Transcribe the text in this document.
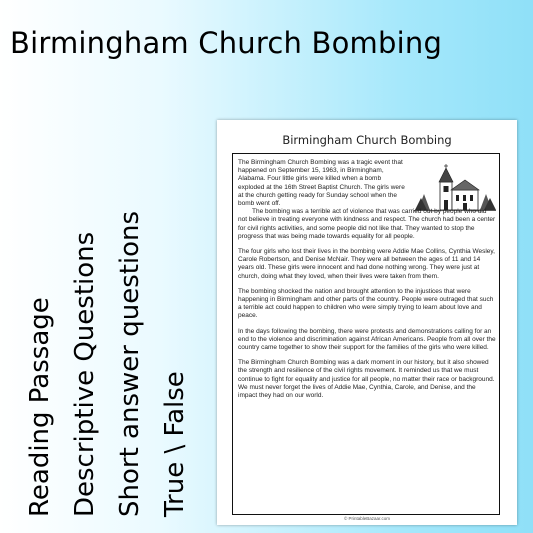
Birmingham Church Bombing
Reading Passage Descriptive Questions Short answer questions True \ False
Birmingham Church Bombing

The Birmingham Church Bombing was a tragic event that happened on September 15, 1963, in Birmingham, Alabama. Four little girls were killed when a bomb exploded at the 16th Street Baptist Church. The girls were at the church getting ready for Sunday school when the bomb went off.

The bombing was a terrible act of violence that was carried out by people who did not believe in treating everyone with kindness and respect. The church had been a center for civil rights activities, and some people did not like that. They wanted to stop the progress that was being made towards equality for all people.

The four girls who lost their lives in the bombing were Addie Mae Collins, Cynthia Wesley, Carole Robertson, and Denise McNair. They were all between the ages of 11 and 14 years old. These girls were innocent and had done nothing wrong. They were just at church, doing what they loved, when their lives were taken from them.

The bombing shocked the nation and brought attention to the injustices that were happening in Birmingham and other parts of the country. People were outraged that such a terrible act could happen to children who were simply trying to learn about love and peace.

In the days following the bombing, there were protests and demonstrations calling for an end to the violence and discrimination against African Americans. People from all over the country came together to show their support for the families of the girls who were killed.

The Birmingham Church Bombing was a dark moment in our history, but it also showed the strength and resilience of the civil rights movement. It reminded us that we must continue to fight for equality and justice for all people, no matter their race or background. We must never forget the lives of Addie Mae, Cynthia, Carole, and Denise, and the impact they had on our world.

© PrintableBazaar.com
